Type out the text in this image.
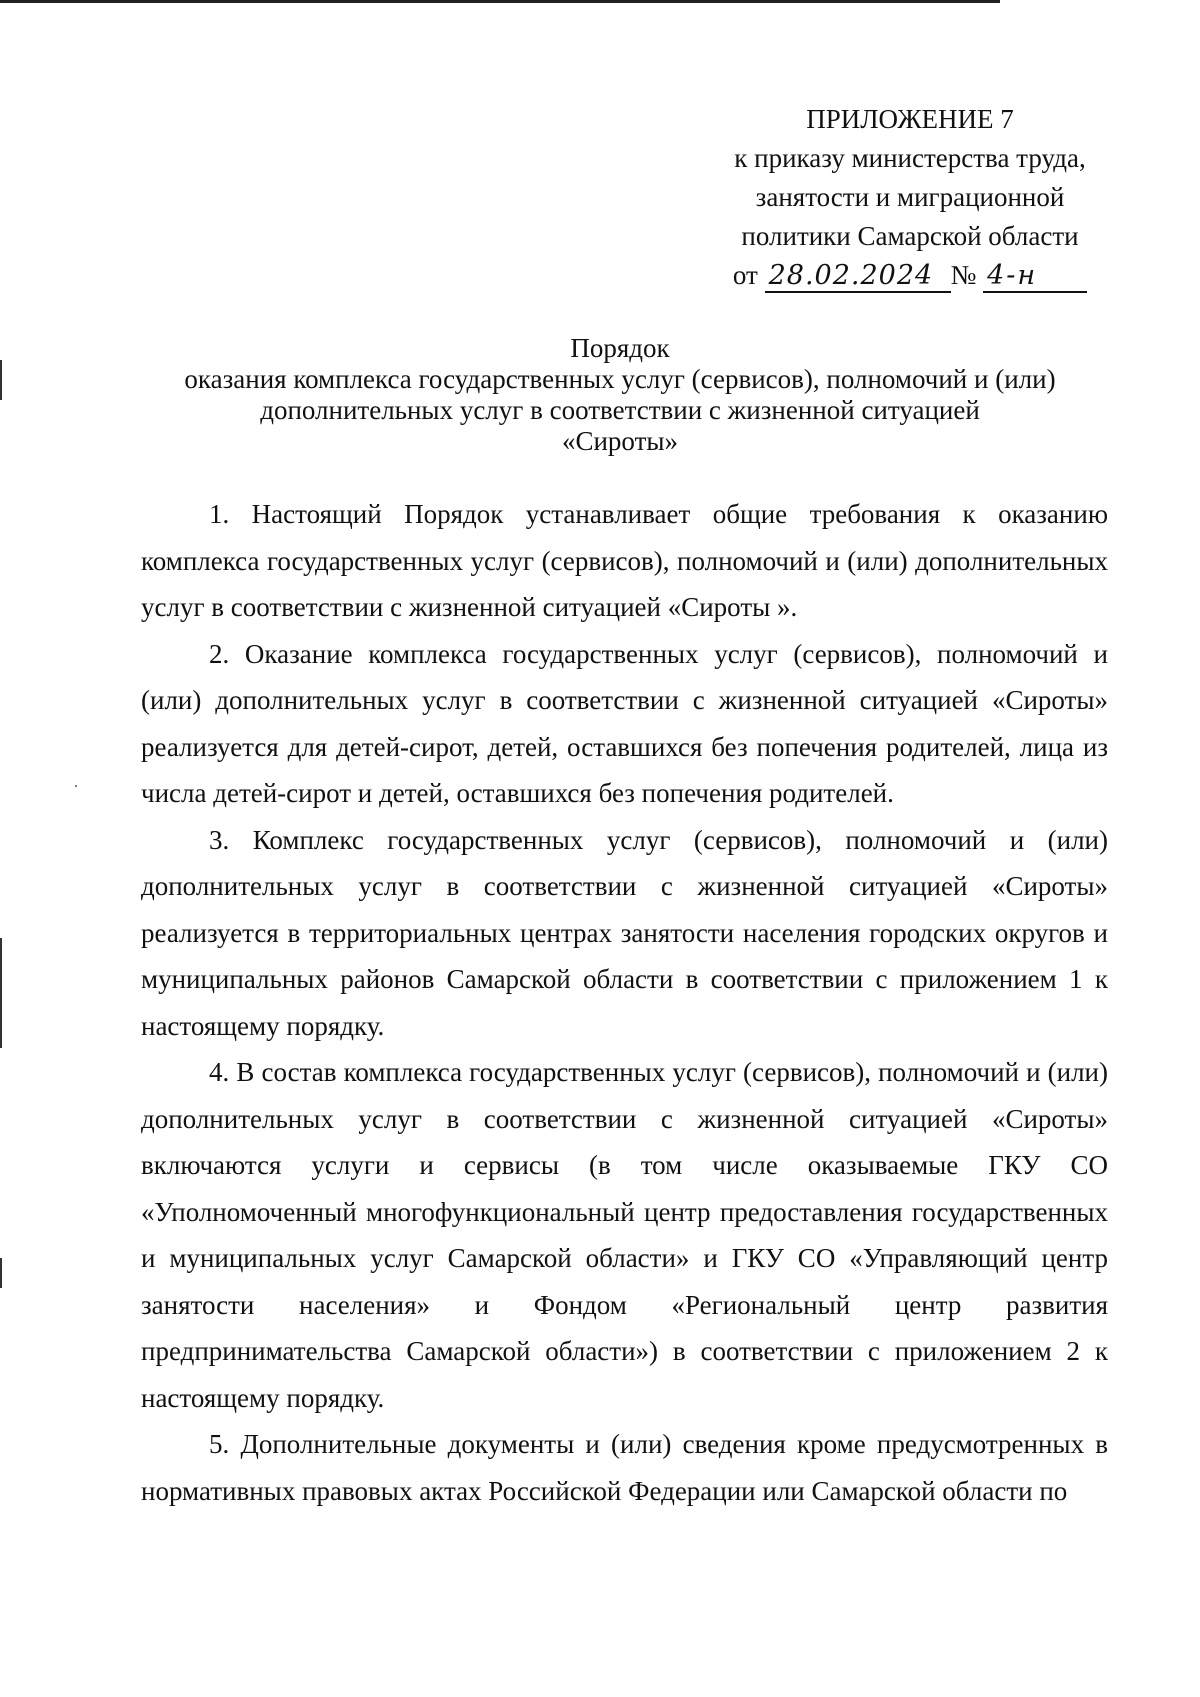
ПРИЛОЖЕНИЕ 7
к приказу министерства труда,
занятости и миграционной
политики Самарской области
от 28.02.2024 № 4-н
Порядок
оказания комплекса государственных услуг (сервисов), полномочий и (или)
дополнительных услуг в соответствии с жизненной ситуацией
«Сироты»

1. Настоящий Порядок устанавливает общие требования к оказанию комплекса государственных услуг (сервисов), полномочий и (или) дополнительных услуг в соответствии с жизненной ситуацией «Сироты ».

2. Оказание комплекса государственных услуг (сервисов), полномочий и (или) дополнительных услуг в соответствии с жизненной ситуацией «Сироты» реализуется для детей-сирот, детей, оставшихся без попечения родителей, лица из числа детей-сирот и детей, оставшихся без попечения родителей.

3. Комплекс государственных услуг (сервисов), полномочий и (или) дополнительных услуг в соответствии с жизненной ситуацией «Сироты» реализуется в территориальных центрах занятости населения городских округов и муниципальных районов Самарской области в соответствии с приложением 1 к настоящему порядку.

4. В состав комплекса государственных услуг (сервисов), полномочий и (или) дополнительных услуг в соответствии с жизненной ситуацией «Сироты» включаются услуги и сервисы (в том числе оказываемые ГКУ СО «Уполномоченный многофункциональный центр предоставления государственных и муниципальных услуг Самарской области» и ГКУ СО «Управляющий центр занятости населения» и Фондом «Региональный центр развития предпринимательства Самарской области») в соответствии с приложением 2 к настоящему порядку.

5. Дополнительные документы и (или) сведения кроме предусмотренных в нормативных правовых актах Российской Федерации или Самарской области по
